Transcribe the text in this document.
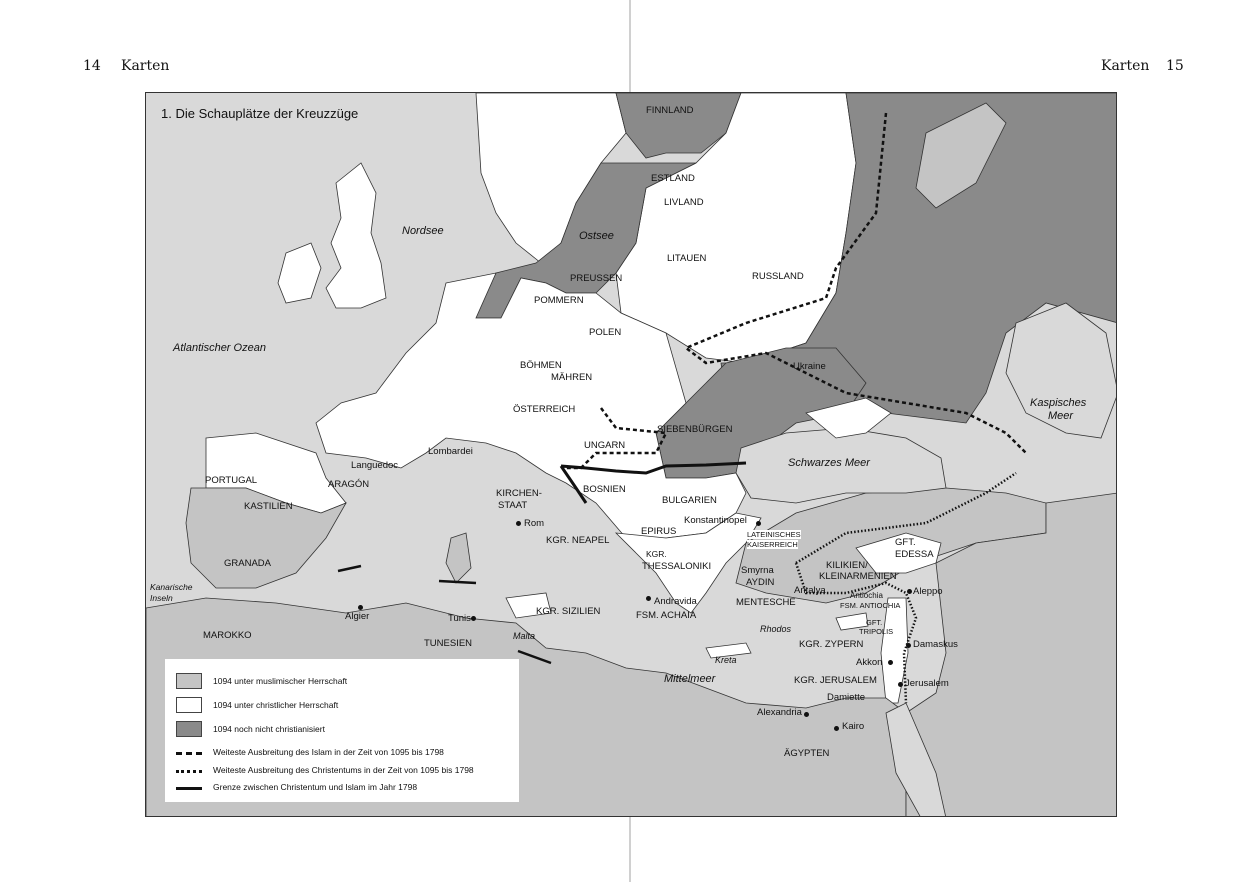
14 Karten	Karten 15
1. Die Schauplätze der Kreuzzüge	FINNLAND
ESTLAND
LIVLAND
PREUSSEN
POMMERN
LITAUEN
RUSSLAND
POLEN
BÖHMEN
MÄHREN
ÖSTERREICH
Ukraine
SIEBENBÜRGEN
UNGARN
Lombardei
Languedoc
PORTUGAL	ARAGÓN
KASTILIEN
GRANADA
KIRCHEN-
STAAT
BOSNIEN
BULGARIEN
EPIRUS
KGR.
THESSALONIKI
KGR. NEAPEL
KGR. SIZILIEN	FSM. ACHAIA
LATEINISCHES
KAISERREICH
AYDIN
MENTESCHE
KILIKIEN/
KLEINARMENIEN
GFT.
EDESSA
FSM. ANTIOCHIA
GFT.
TRIPOLIS
KGR. ZYPERN
KGR. JERUSALEM
MAROKKO
TUNESIEN
ÄGYPTEN
Nordsee	Ostsee
Atlantischer Ozean
Kanarische
Inseln
Schwarzes Meer
Kaspisches
Meer
Mittelmeer
Malta
Kreta
Rhodos
Rom	Konstantinopel
Smyrna
Andravida
Antalya	Antiochia	Aleppo
Algier	Tunis
Damaskus
Akkon
Jerusalem
Damiette
Alexandria
Kairo
1094 unter muslimischer Herrschaft
1094 unter christlicher Herrschaft
1094 noch nicht christianisiert
Weiteste Ausbreitung des Islam in der Zeit von 1095 bis 1798
Weiteste Ausbreitung des Christentums in der Zeit von 1095 bis 1798
Grenze zwischen Christentum und Islam im Jahr 1798
